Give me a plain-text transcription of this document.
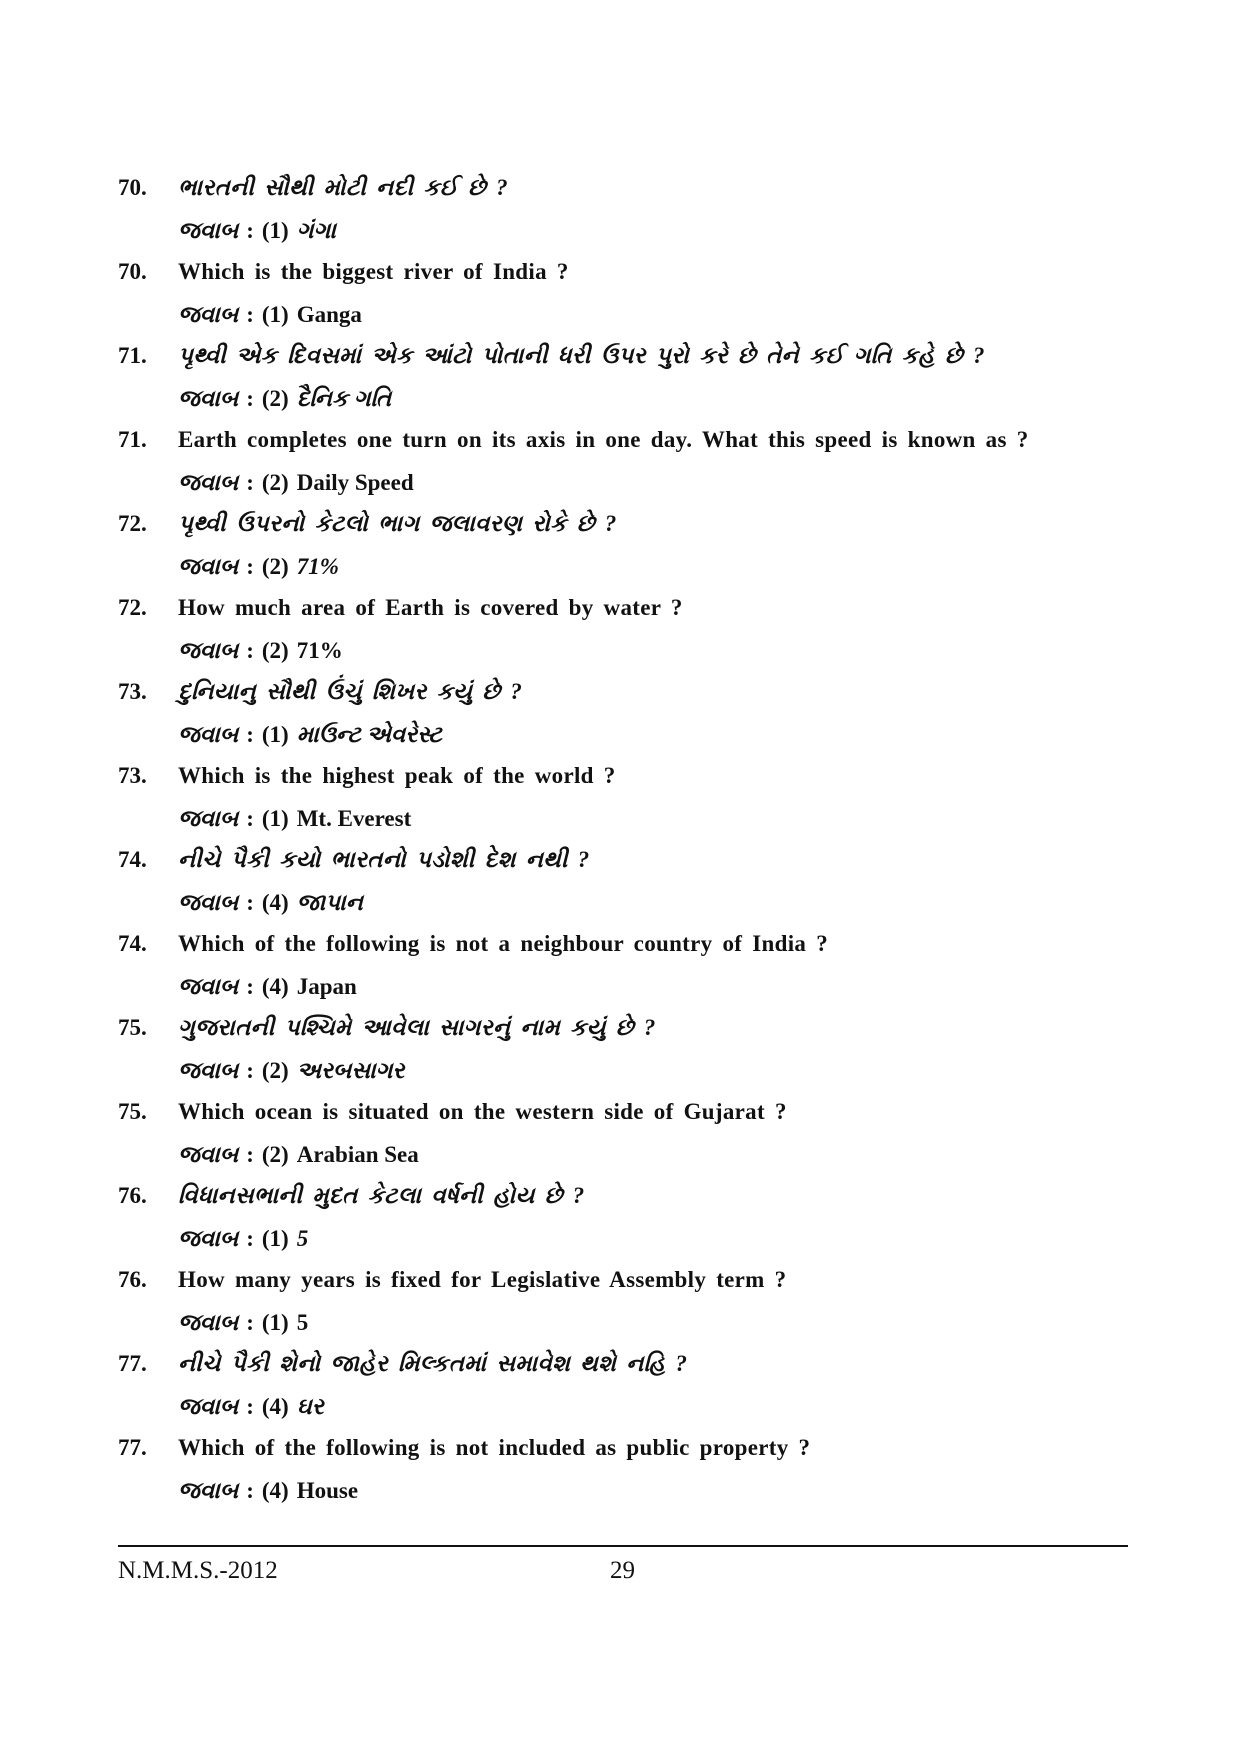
70.	ભારતની સૌથી મોટી નદી કઈ છે ?
જવાબ : (1) ગંગા
70.	Which is the biggest river of India ?
જવાબ : (1) Ganga
71.	પૃથ્વી એક દિવસમાં એક આંટો પોતાની ધરી ઉપર પુરો કરે છે તેને કઈ ગતિ કહે છે ?
જવાબ : (2) દૈનિક ગતિ
71.	Earth completes one turn on its axis in one day. What this speed is known as ?
જવાબ : (2) Daily Speed
72.	પૃથ્વી ઉપરનો કેટલો ભાગ જલાવરણ રોકે છે ?
જવાબ : (2) 71%
72.	How much area of Earth is covered by water ?
જવાબ : (2) 71%
73.	દુનિયાનુ સૌથી ઉંચું શિખર કયું છે ?
જવાબ : (1) માઉન્ટ એવરેસ્ટ
73.	Which is the highest peak of the world ?
જવાબ : (1) Mt. Everest
74.	નીચે પૈકી કયો ભારતનો પડોશી દેશ નથી ?
જવાબ : (4) જાપાન
74.	Which of the following is not a neighbour country of India ?
જવાબ : (4) Japan
75.	ગુજરાતની પશ્ચિમે આવેલા સાગરનું નામ કયું છે ?
જવાબ : (2) અરબસાગર
75.	Which ocean is situated on the western side of Gujarat ?
જવાબ : (2) Arabian Sea
76.	વિધાનસભાની મુદત કેટલા વર્ષની હોય છે ?
જવાબ : (1) 5
76.	How many years is fixed for Legislative Assembly term ?
જવાબ : (1) 5
77.	નીચે પૈકી શેનો જાહેર મિલ્કતમાં સમાવેશ થશે નહિ ?
જવાબ : (4) ઘર
77.	Which of the following is not included as public property ?
જવાબ : (4) House
N.M.M.S.-2012	29
